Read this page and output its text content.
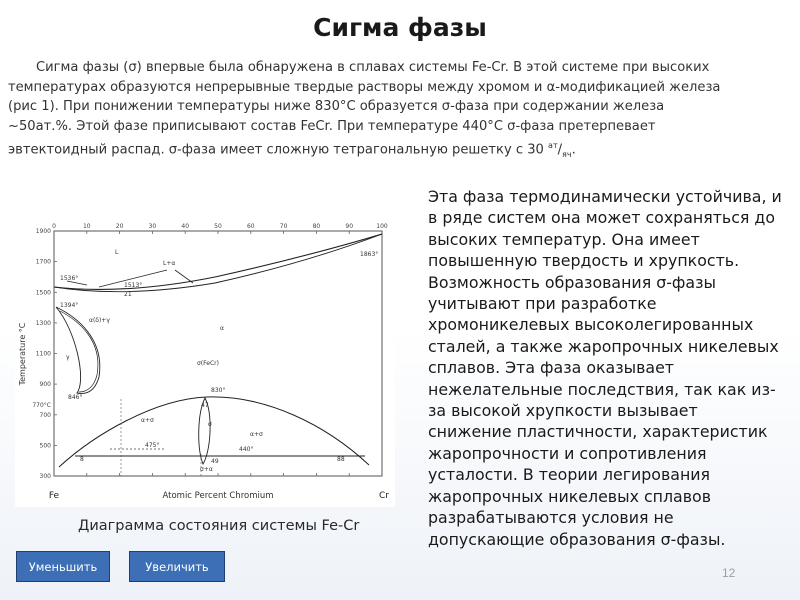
Сигма фазы
Сигма фазы (σ) впервые была обнаружена в сплавах системы Fe-Cr. В этой системе при высоких температурах образуются непрерывные твердые растворы между хромом и α-модификацией железа (рис 1). При понижении температуры ниже 830°С образуется σ-фаза при содержании железа ~50ат.%. Этой фазе приписывают состав FeCr. При температуре 440°С σ-фаза претерпевает эвтектоидный распад. σ-фаза имеет сложную тетрагональную решетку с 30 $^{ат}/_{яч}$.
0	10	20	30	40	50	60	70	80	90	100
1900
1700
1500
1300
1100
900
700
500
300
770°C
Temperature °C
Atomic Percent Chromium
Fe	Cr
L
L+α
α
σ(FeCr)
γ
α(δ)+γ
α+σ
α+σ
σ
σ+α
1536°
1394°
1513°
1863°
846°
830°
475°
440°
21
47
8	49	88
Диаграмма состояния системы Fe-Cr
Уменьшить	Увеличить
Эта фаза термодинамически устойчива, и в ряде систем она может сохраняться до высоких температур. Она имеет повышенную твердость и хрупкость. Возможность образования σ-фазы учитывают при разработке хромоникелевых высоколегированных сталей, а также жаропрочных никелевых сплавов. Эта фаза оказывает нежелательные последствия, так как из-за высокой хрупкости вызывает снижение пластичности, характеристик жаропрочности и сопротивления усталости. В теории легирования жаропрочных никелевых сплавов разрабатываются условия не допускающие образования σ-фазы.
12
